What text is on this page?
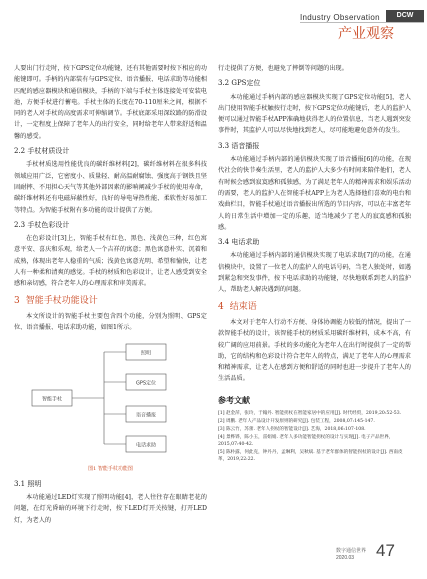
Industry Observation	DCW
产业观察

人要出门行走时，按下GPS定位功能键，还有其他需要时按下相应的功能键即可。手柄的内部装有与GPS定位、语音播报、电话求助等功能相匹配的感应器模块和通信模块，手柄的下端与手杖主体连接处可安装电池，方便手杖进行蓄电。手杖主体的长度在70-110厘米之间，根据不同的老人对手杖的高度需求可伸缩调节。手杖底部采用深纹路的防滑设计，一定程度上保障了老年人的出行安全，同时给老年人带来舒适和温馨的感受。

2.2 手杖材质设计

手杖材质选用性能优良的碳纤维材料[2]，碳纤维材料在很多科技领域应用广泛，它密度小、质量轻、耐高温耐腐蚀、强度高于钢铁且坚固耐摔、不用担心天气等其他外部因素的影响阐减少手杖的使用寿命，碳纤维材料还有电磁屏蔽性好，良好的导电导热性能、柔软性好易加工等特点。为智能手杖附有多功能的设计提供了方便。

2.3 手杖色彩设计

在色彩设计[3]上，智能手杖有红色、黑色、浅黄色三种，红色寓意平安、喜庆和乐观，给老人一个吉祥的寓意；黑色寓意朴实、沉着和成熟，体现出老年人稳重的气质；浅黄色寓意光明、希望和愉快，让老人有一种柔和清爽的感觉。手杖的材质和色彩设计，让老人感受到安全感和亲切感，符合老年人的心理需求和审美需求。

3 智能手杖功能设计

本文所设计的智能手杖主要包含四个功能，分别为照明、GPS定位、语音播报、电话求助功能，如图1所示。

智能手杖
照明
GPS定位
语音播报
电话求助
图1 智能手杖功能图
3.1 照明

本功能通过LED灯实现了照明功能[4]，老人往往存在眼睛老花的问题，在灯光昏暗的环境下行走时，按下LED灯开关按键，打开LED灯，为老人的

行走提供了方便，也避免了摔倒等问题的出现。

3.2 GPS定位

本功能通过手柄内部的感应器模块实现了GPS定位功能[5]，老人出门使用智能手杖触按行走时，按下GPS定位功能键后，老人的监护人便可以通过智能手杖APP准确地获得老人的位置信息，当老人遇到突发事件时，其监护人可以尽快地找到老人，尽可能地避免意外的发生。

3.3 语音播报

本功能通过手柄内部的通信模块实现了语音播报[6]的功能，在现代社会的快节奏生活里，老人的监护人大多少有时间来陪伴他们，老人有时候会感到寂寞感和孤独感，为了满足老年人的精神需求和娱乐活动的需要，老人的监护人在智能手杖APP上为老人选择他们喜欢的电台和戏曲栏目，智能手杖通过语音播报出所选的节目内容，可以在丰富老年人的日常生活中增加一定的乐趣，适当地减少了老人的寂寞感和孤独感。

3.4 电话求助

本功能通过手柄内部的通信模块实现了电话求助[7]的功能，在通信模块中，设置了一位老人的监护人的电话号码，当老人独处时，如遇到紧急和突发事件，按下电话求助的功能键，尽快地联系到老人的监护人，帮助老人解决遇到的问题。

4 结束语

本文对于老年人行动不方便、身体协调能力较低的情况，提出了一款智能手杖的设计，该智能手杖的材质采用碳纤维材料，成本不高，有较广阔的应用前景。手杖的多功能化为老年人在出行时提供了一定的帮助，它的结构和色彩设计符合老年人的特点，满足了老年人的心理需求和精神需求，让老人在感到方便和舒适的同时也进一步提升了老年人的生活品质。

参考文献
[1] 赵金萍，张玲，于翰丹. 智能拐杖在智能家居中的应用[J]. 时代经贸，2019,20:52-53.
[2] 周鹏. 老年人产品设计开发原则的研究[J]. 包装工程，2008,07:145-147.
[3] 陈云竹，苏蕾. 老年人拐杖的智能设计[J]. 艺海，2018,06:107-108.
[4] 景桦铧，陈小玉，雷娟娟. 老年人多功能智能拐杖的设计与实现[J]. 电子产品世界，2015,07:40-42.
[5] 陈朴露，何此克，钟丹丹，孟琳利，吴秋斌. 基于老年群体的智能拐杖的设计[J]. 西南皮革，2019,22:22.
数字通信世界
2020.03 47
